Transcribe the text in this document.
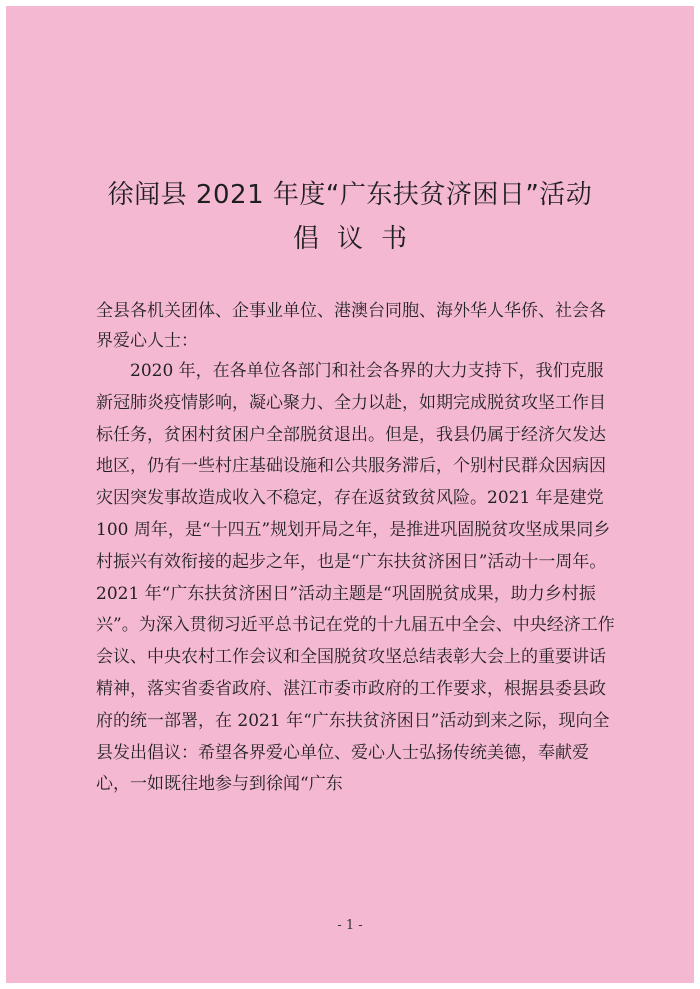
徐闻县 2021 年度“广东扶贫济困日”活动
倡议书

全县各机关团体、企事业单位、港澳台同胞、海外华人华侨、社会各界爱心人士：

2020 年，在各单位各部门和社会各界的大力支持下，我们克服新冠肺炎疫情影响，凝心聚力、全力以赴，如期完成脱贫攻坚工作目标任务，贫困村贫困户全部脱贫退出。但是，我县仍属于经济欠发达地区，仍有一些村庄基础设施和公共服务滞后，个别村民群众因病因灾因突发事故造成收入不稳定，存在返贫致贫风险。2021 年是建党 100 周年，是“十四五”规划开局之年，是推进巩固脱贫攻坚成果同乡村振兴有效衔接的起步之年，也是“广东扶贫济困日”活动十一周年。2021 年“广东扶贫济困日”活动主题是“巩固脱贫成果，助力乡村振兴”。为深入贯彻习近平总书记在党的十九届五中全会、中央经济工作会议、中央农村工作会议和全国脱贫攻坚总结表彰大会上的重要讲话精神，落实省委省政府、湛江市委市政府的工作要求，根据县委县政府的统一部署，在 2021 年“广东扶贫济困日”活动到来之际，现向全县发出倡议：希望各界爱心单位、爱心人士弘扬传统美德，奉献爱心，一如既往地参与到徐闻“广东

- 1 -
